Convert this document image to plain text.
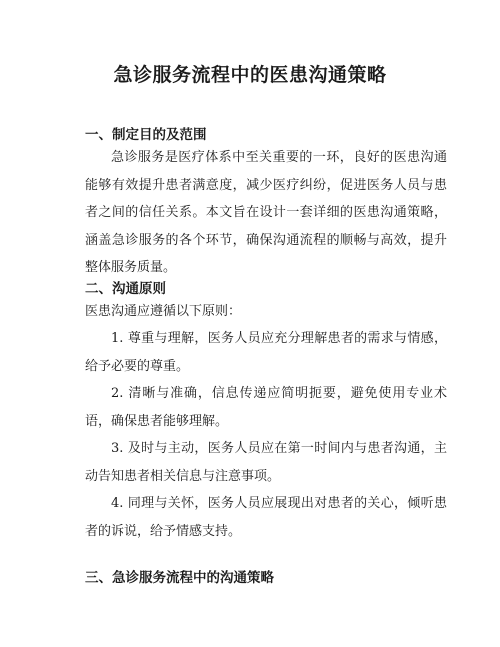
急诊服务流程中的医患沟通策略
一、制定目的及范围

急诊服务是医疗体系中至关重要的一环，良好的医患沟通能够有效提升患者满意度，减少医疗纠纷，促进医务人员与患者之间的信任关系。本文旨在设计一套详细的医患沟通策略，涵盖急诊服务的各个环节，确保沟通流程的顺畅与高效，提升整体服务质量。

二、沟通原则

医患沟通应遵循以下原则：

1. 尊重与理解，医务人员应充分理解患者的需求与情感，给予必要的尊重。

2. 清晰与准确，信息传递应简明扼要，避免使用专业术语，确保患者能够理解。

3. 及时与主动，医务人员应在第一时间内与患者沟通，主动告知患者相关信息与注意事项。

4. 同理与关怀，医务人员应展现出对患者的关心，倾听患者的诉说，给予情感支持。

三、急诊服务流程中的沟通策略
